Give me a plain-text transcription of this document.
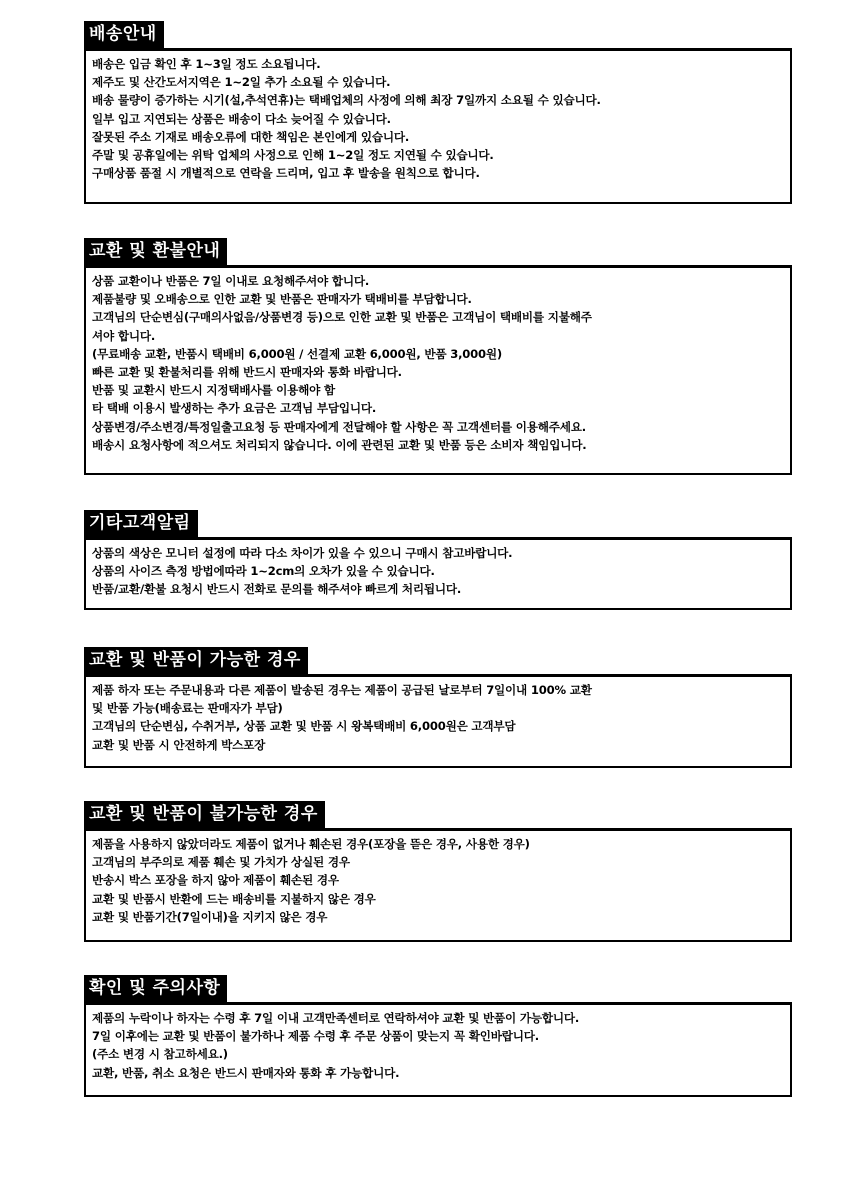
배송안내
배송은 입금 확인 후 1~3일 정도 소요됩니다.
제주도 및 산간도서지역은 1~2일 추가 소요될 수 있습니다.
배송 물량이 증가하는 시기(설,추석연휴)는 택배업체의 사정에 의해 최장 7일까지 소요될 수 있습니다.
일부 입고 지연되는 상품은 배송이 다소 늦어질 수 있습니다.
잘못된 주소 기재로 배송오류에 대한 책임은 본인에게 있습니다.
주말 및 공휴일에는 위탁 업체의 사정으로 인해 1~2일 정도 지연될 수 있습니다.
구매상품 품절 시 개별적으로 연락을 드리며, 입고 후 발송을 원칙으로 합니다.
교환 및 환불안내
상품 교환이나 반품은 7일 이내로 요청해주셔야 합니다.
제품불량 및 오배송으로 인한 교환 및 반품은 판매자가 택배비를 부담합니다.
고객님의 단순변심(구매의사없음/상품변경 등)으로 인한 교환 및 반품은 고객님이 택배비를 지불해주
셔야 합니다.
(무료배송 교환, 반품시 택배비 6,000원 / 선결제 교환 6,000원, 반품 3,000원)
빠른 교환 및 환불처리를 위해 반드시 판매자와 통화 바랍니다.
반품 및 교환시 반드시 지정택배사를 이용해야 함
타 택배 이용시 발생하는 추가 요금은 고객님 부담입니다.
상품변경/주소변경/특정일출고요청 등 판매자에게 전달해야 할 사항은 꼭 고객센터를 이용해주세요.
배송시 요청사항에 적으셔도 처리되지 않습니다. 이에 관련된 교환 및 반품 등은 소비자 책임입니다.
기타고객알림
상품의 색상은 모니터 설정에 따라 다소 차이가 있을 수 있으니 구매시 참고바랍니다.
상품의 사이즈 측정 방법에따라 1~2cm의 오차가 있을 수 있습니다.
반품/교환/환불 요청시 반드시 전화로 문의를 해주셔야 빠르게 처리됩니다.
교환 및 반품이 가능한 경우
제품 하자 또는 주문내용과 다른 제품이 발송된 경우는 제품이 공급된 날로부터 7일이내 100% 교환
및 반품 가능(배송료는 판매자가 부담)
고객님의 단순변심, 수취거부, 상품 교환 및 반품 시 왕복택배비 6,000원은 고객부담
교환 및 반품 시 안전하게 박스포장
교환 및 반품이 불가능한 경우
제품을 사용하지 않았더라도 제품이 없거나 훼손된 경우(포장을 뜯은 경우, 사용한 경우)
고객님의 부주의로 제품 훼손 및 가치가 상실된 경우
반송시 박스 포장을 하지 않아 제품이 훼손된 경우
교환 및 반품시 반환에 드는 배송비를 지불하지 않은 경우
교환 및 반품기간(7일이내)을 지키지 않은 경우
확인 및 주의사항
제품의 누락이나 하자는 수령 후 7일 이내 고객만족센터로 연락하셔야 교환 및 반품이 가능합니다.
7일 이후에는 교환 및 반품이 불가하나 제품 수령 후 주문 상품이 맞는지 꼭 확인바랍니다.
(주소 변경 시 참고하세요.)
교환, 반품, 취소 요청은 반드시 판매자와 통화 후 가능합니다.
